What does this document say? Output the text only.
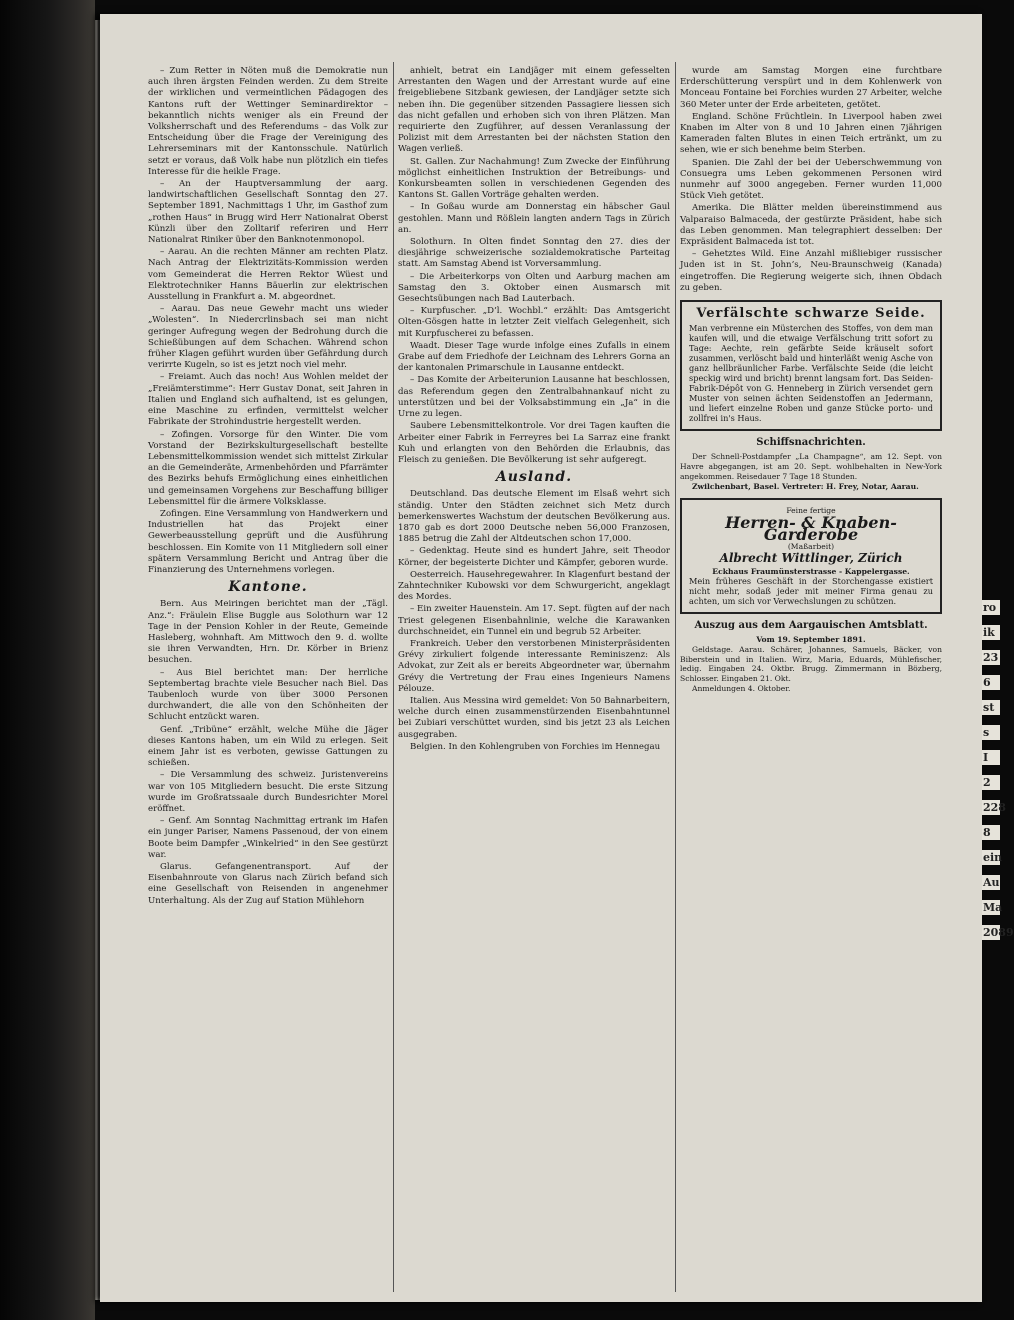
– Zum Retter in Nöten muß die Demokratie nun auch ihren ärgsten Feinden werden. Zu dem Streite der wirklichen und vermeintlichen Pädagogen des Kantons ruft der Wettinger Seminardirektor – bekanntlich nichts weniger als ein Freund der Volksherrschaft und des Referendums – das Volk zur Entscheidung über die Frage der Vereinigung des Lehrerseminars mit der Kantonsschule. Natürlich setzt er voraus, daß Volk habe nun plötzlich ein tiefes Interesse für die heikle Frage.

– An der Hauptversammlung der aarg. landwirtschaftlichen Gesellschaft Sonntag den 27. September 1891, Nachmittags 1 Uhr, im Gasthof zum „rothen Haus“ in Brugg wird Herr Nationalrat Oberst Künzli über den Zolltarif referiren und Herr Nationalrat Riniker über den Banknotenmonopol.

– Aarau. An die rechten Männer am rechten Platz. Nach Antrag der Elektrizitäts-Kommission werden vom Gemeinderat die Herren Rektor Wüest und Elektrotechniker Hanns Bäuerlin zur elektrischen Ausstellung in Frankfurt a. M. abgeordnet.

– Aarau. Das neue Gewehr macht uns wieder „Wolesten“. In Niedercrlinsbach sei man nicht geringer Aufregung wegen der Bedrohung durch die Schießübungen auf dem Schachen. Während schon früher Klagen geführt wurden über Gefährdung durch verirrte Kugeln, so ist es jetzt noch viel mehr.

– Freiamt. Auch das noch! Aus Wohlen meldet der „Freiämterstimme“: Herr Gustav Donat, seit Jahren in Italien und England sich aufhaltend, ist es gelungen, eine Maschine zu erfinden, vermittelst welcher Fabrikate der Strohindustrie hergestellt werden.

– Zofingen. Vorsorge für den Winter. Die vom Vorstand der Bezirkskulturgesellschaft bestellte Lebensmittelkommission wendet sich mittelst Zirkular an die Gemeinderäte, Armenbehörden und Pfarrämter des Bezirks behufs Ermöglichung eines einheitlichen und gemeinsamen Vorgehens zur Beschaffung billiger Lebensmittel für die ärmere Volksklasse.

Zofingen. Eine Versammlung von Handwerkern und Industriellen hat das Projekt einer Gewerbeausstellung geprüft und die Ausführung beschlossen. Ein Komite von 11 Mitgliedern soll einer spätern Versammlung Bericht und Antrag über die Finanzierung des Unternehmens vorlegen.

Kantone.

Bern. Aus Meiringen berichtet man der „Tägl. Anz.“: Fräulein Elise Buggle aus Solothurn war 12 Tage in der Pension Kohler in der Reute, Gemeinde Hasleberg, wohnhaft. Am Mittwoch den 9. d. wollte sie ihren Verwandten, Hrn. Dr. Körber in Brienz besuchen.

– Aus Biel berichtet man: Der herrliche Septembertag brachte viele Besucher nach Biel. Das Taubenloch wurde von über 3000 Personen durchwandert, die alle von den Schönheiten der Schlucht entzückt waren.

Genf. „Tribüne“ erzählt, welche Mühe die Jäger dieses Kantons haben, um ein Wild zu erlegen. Seit einem Jahr ist es verboten, gewisse Gattungen zu schießen.

– Die Versammlung des schweiz. Juristenvereins war von 105 Mitgliedern besucht. Die erste Sitzung wurde im Großratssaale durch Bundesrichter Morel eröffnet.

– Genf. Am Sonntag Nachmittag ertrank im Hafen ein junger Pariser, Namens Passenoud, der von einem Boote beim Dampfer „Winkelried“ in den See gestürzt war.

Glarus. Gefangenentransport. Auf der Eisenbahnroute von Glarus nach Zürich befand sich eine Gesellschaft von Reisenden in angenehmer Unterhaltung. Als der Zug auf Station Mühlehorn

anhielt, betrat ein Landjäger mit einem gefesselten Arrestanten den Wagen und der Arrestant wurde auf eine freigebliebene Sitzbank gewiesen, der Landjäger setzte sich neben ihn. Die gegenüber sitzenden Passagiere liessen sich das nicht gefallen und erhoben sich von ihren Plätzen. Man requirierte den Zugführer, auf dessen Veranlassung der Polizist mit dem Arrestanten bei der nächsten Station den Wagen verließ.

St. Gallen. Zur Nachahmung! Zum Zwecke der Einführung möglichst einheitlichen Instruktion der Betreibungs- und Konkursbeamten sollen in verschiedenen Gegenden des Kantons St. Gallen Vorträge gehalten werden.

– In Goßau wurde am Donnerstag ein häbscher Gaul gestohlen. Mann und Rößlein langten andern Tags in Zürich an.

Solothurn. In Olten findet Sonntag den 27. dies der diesjährige schweizerische sozialdemokratische Parteitag statt. Am Samstag Abend ist Vorversammlung.

– Die Arbeiterkorps von Olten und Aarburg machen am Samstag den 3. Oktober einen Ausmarsch mit Gesechtsübungen nach Bad Lauterbach.

– Kurpfuscher. „D’l. Wochbl.“ erzählt: Das Amtsgericht Olten-Gösgen hatte in letzter Zeit vielfach Gelegenheit, sich mit Kurpfuscherei zu befassen.

Waadt. Dieser Tage wurde infolge eines Zufalls in einem Grabe auf dem Friedhofe der Leichnam des Lehrers Gorna an der kantonalen Primarschule in Lausanne entdeckt.

– Das Komite der Arbeiterunion Lausanne hat beschlossen, das Referendum gegen den Zentralbahnankauf nicht zu unterstützen und bei der Volksabstimmung ein „Ja“ in die Urne zu legen.

Saubere Lebensmittelkontrole. Vor drei Tagen kauften die Arbeiter einer Fabrik in Ferreyres bei La Sarraz eine frankt Kuh und erlangten von den Behörden die Erlaubnis, das Fleisch zu genießen. Die Bevölkerung ist sehr aufgeregt.

Ausland.

Deutschland. Das deutsche Element im Elsaß wehrt sich ständig. Unter den Städten zeichnet sich Metz durch bemerkenswertes Wachstum der deutschen Bevölkerung aus. 1870 gab es dort 2000 Deutsche neben 56,000 Franzosen, 1885 betrug die Zahl der Altdeutschen schon 17,000.

– Gedenktag. Heute sind es hundert Jahre, seit Theodor Körner, der begeisterte Dichter und Kämpfer, geboren wurde.

Oesterreich. Hausehregewahrer. In Klagenfurt bestand der Zahntechniker Kubowski vor dem Schwurgericht, angeklagt des Mordes.

– Ein zweiter Hauenstein. Am 17. Sept. fügten auf der nach Triest gelegenen Eisenbahnlinie, welche die Karawanken durchschneidet, ein Tunnel ein und begrub 52 Arbeiter.

Frankreich. Ueber den verstorbenen Ministerpräsidenten Grévy zirkuliert folgende interessante Reminiszenz: Als Advokat, zur Zeit als er bereits Abgeordneter war, übernahm Grévy die Vertretung der Frau eines Ingenieurs Namens Pélouze.

Italien. Aus Messina wird gemeldet: Von 50 Bahnarbeitern, welche durch einen zusammenstürzenden Eisenbahntunnel bei Zubiari verschüttet wurden, sind bis jetzt 23 als Leichen ausgegraben.

Belgien. In den Kohlengruben von Forchies im Hennegau

wurde am Samstag Morgen eine furchtbare Erderschütterung verspürt und in dem Kohlenwerk von Monceau Fontaine bei Forchies wurden 27 Arbeiter, welche 360 Meter unter der Erde arbeiteten, getötet.

England. Schöne Früchtlein. In Liverpool haben zwei Knaben im Alter von 8 und 10 Jahren einen 7jährigen Kameraden falten Blutes in einen Teich ertränkt, um zu sehen, wie er sich benehme beim Sterben.

Spanien. Die Zahl der bei der Ueberschwemmung von Consuegra ums Leben gekommenen Personen wird nunmehr auf 3000 angegeben. Ferner wurden 11,000 Stück Vieh getötet.

Amerika. Die Blätter melden übereinstimmend aus Valparaiso Balmaceda, der gestürzte Präsident, habe sich das Leben genommen. Man telegraphiert desselben: Der Expräsident Balmaceda ist tot.

– Gehetztes Wild. Eine Anzahl mißliebiger russischer Juden ist in St. John’s, Neu-Braunschweig (Kanada) eingetroffen. Die Regierung weigerte sich, ihnen Obdach zu geben.

Verfälschte schwarze Seide.
Man verbrenne ein Müsterchen des Stoffes, von dem man kaufen will, und die etwaige Verfälschung tritt sofort zu Tage: Aechte, rein gefärbte Seide kräuselt sofort zusammen, verlöscht bald und hinterläßt wenig Asche von ganz hellbräunlicher Farbe. Verfälschte Seide (die leicht speckig wird und bricht) brennt langsam fort. Das Seiden-Fabrik-Dépôt von G. Henneberg in Zürich versendet gern Muster von seinen ächten Seidenstoffen an Jedermann, und liefert einzelne Roben und ganze Stücke porto- und zollfrei in's Haus.
Schiffsnachrichten.

Der Schnell-Postdampfer „La Champagne“, am 12. Sept. von Havre abgegangen, ist am 20. Sept. wohlbehalten in New-York angekommen. Reisedauer 7 Tage 18 Stunden.

Zwilchenbart, Basel. Vertreter: H. Frey, Notar, Aarau.

Feine fertige
Herren- & Knaben-Garderobe
(Maßarbeit)
Albrecht Wittlinger, Zürich
Eckhaus Fraumünsterstrasse - Kappelergasse.
Mein früheres Geschäft in der Storchengasse existiert nicht mehr, sodaß jeder mit meiner Firma genau zu achten, um sich vor Verwechslungen zu schützen.
Auszug aus dem Aargauischen Amtsblatt.
Vom 19. September 1891.

Geldstage. Aarau. Schärer, Johannes, Samuels, Bäcker, von Biberstein und in Italien. Wirz, Maria, Eduards, Mühlefischer, ledig. Eingaben 24. Oktbr. Brugg. Zimmermann in Bözberg, Schlosser. Eingaben 21. Okt.

Anmeldungen 4. Oktober.

ro
ik
23
6
st
s
I
2
228
8
ein
Au
Ma
2089
